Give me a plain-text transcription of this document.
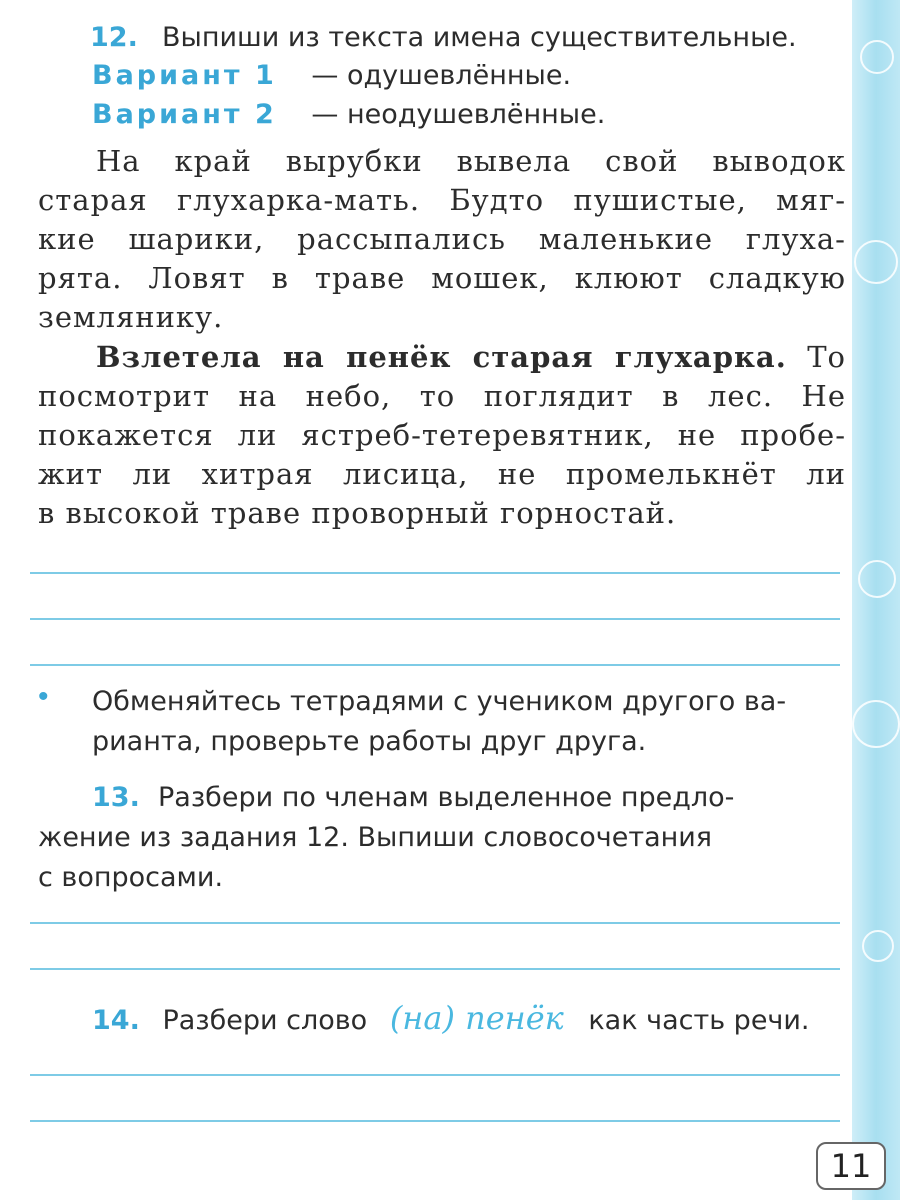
12. Выпиши из текста имена существительные.
Вариант 1 — одушевлённые.
Вариант 2 — неодушевлённые.
На край вырубки вывела свой выводок
старая глухарка-мать. Будто пушистые, мяг-
кие шарики, рассыпались маленькие глуха-
рята. Ловят в траве мошек, клюют сладкую
землянику.
Взлетела на пенёк старая глухарка. То
посмотрит на небо, то поглядит в лес. Не
покажется ли ястреб-тетеревятник, не пробе-
жит ли хитрая лисица, не промелькнёт ли
в высокой траве проворный горностай.
• Обменяйтесь тетрадями с учеником другого ва-
рианта, проверьте работы друг друга.
13. Разбери по членам выделенное предло-
жение из задания 12. Выпиши словосочетания
с вопросами.
14. Разбери слово (на) пенёк как часть речи.
11
